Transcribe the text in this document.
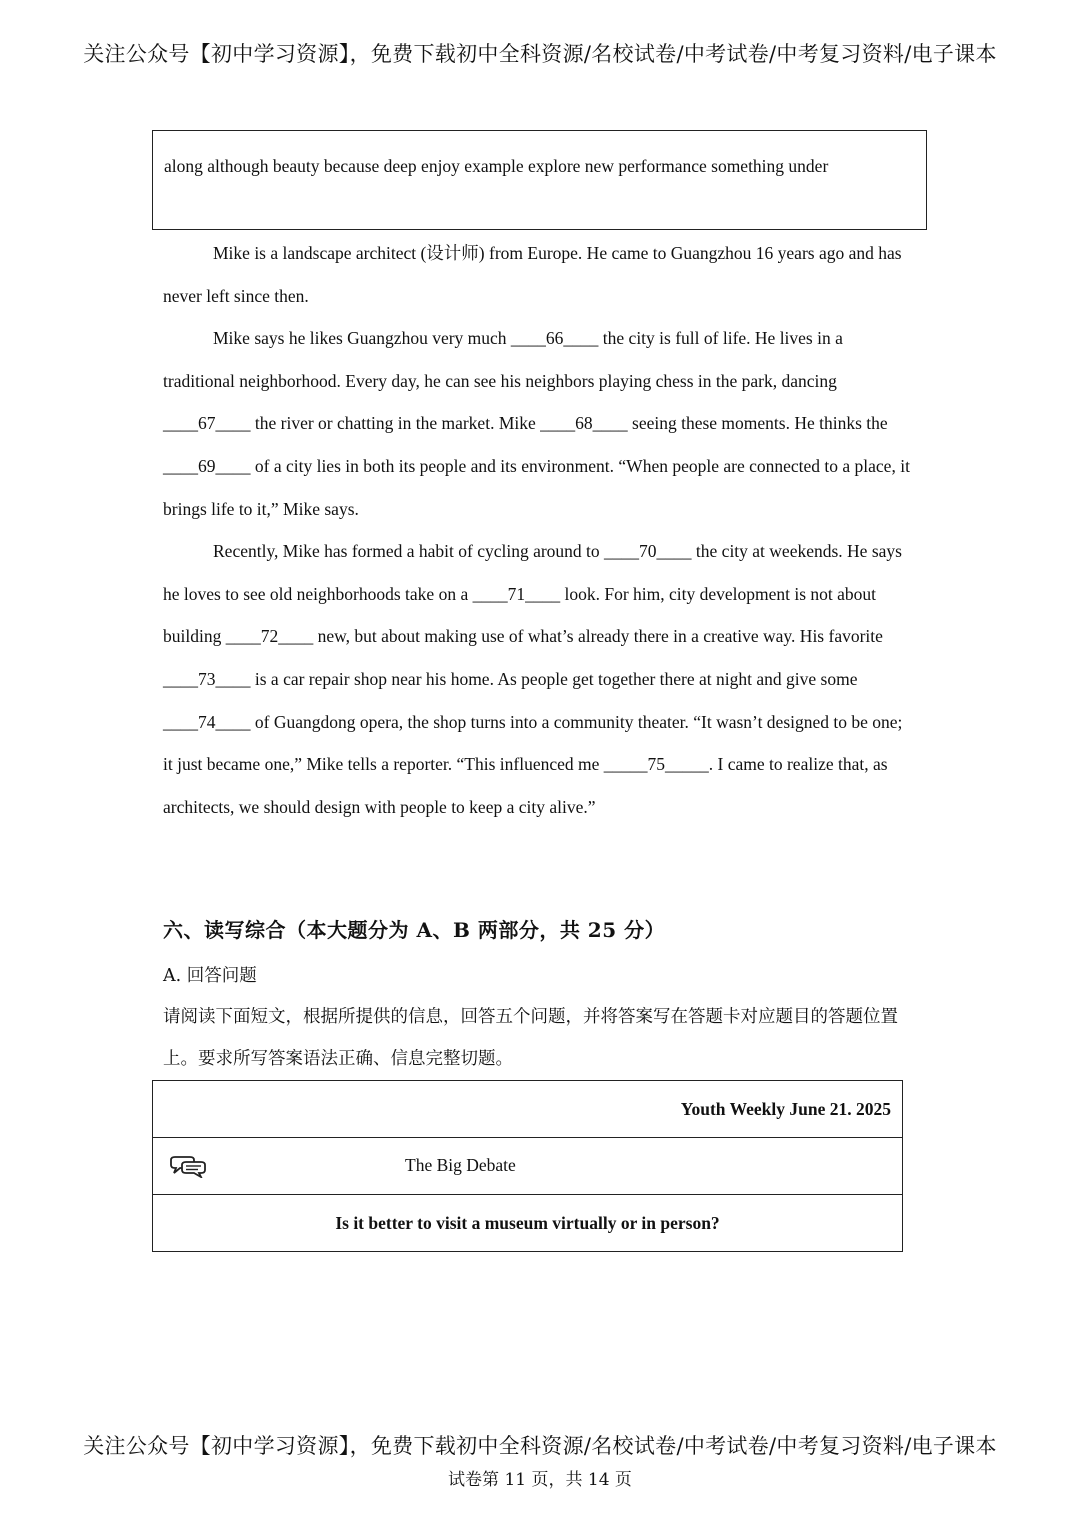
关注公众号【初中学习资源】，免费下载初中全科资源/名校试卷/中考试卷/中考复习资料/电子课本
along although beauty because deep enjoy example explore new performance something under

Mike is a landscape architect (设计师) from Europe. He came to Guangzhou 16 years ago and has never left since then.

Mike says he likes Guangzhou very much ____66____ the city is full of life. He lives in a traditional neighborhood. Every day, he can see his neighbors playing chess in the park, dancing ____67____ the river or chatting in the market. Mike ____68____ seeing these moments. He thinks the ____69____ of a city lies in both its people and its environment. “When people are connected to a place, it brings life to it,” Mike says.

Recently, Mike has formed a habit of cycling around to ____70____ the city at weekends. He says he loves to see old neighborhoods take on a ____71____ look. For him, city development is not about building ____72____ new, but about making use of what’s already there in a creative way. His favorite ____73____ is a car repair shop near his home. As people get together there at night and give some ____74____ of Guangdong opera, the shop turns into a community theater. “It wasn’t designed to be one; it just became one,” Mike tells a reporter. “This influenced me _____75_____. I came to realize that, as architects, we should design with people to keep a city alive.”

六、读写综合（本大题分为 A、B 两部分，共 25 分）
A. 回答问题
请阅读下面短文，根据所提供的信息，回答五个问题，并将答案写在答题卡对应题目的答题位置上。要求所写答案语法正确、信息完整切题。
Youth Weekly June 21. 2025

The Big Debate

Is it better to visit a museum virtually or in person?
关注公众号【初中学习资源】，免费下载初中全科资源/名校试卷/中考试卷/中考复习资料/电子课本
试卷第 11 页，共 14 页
